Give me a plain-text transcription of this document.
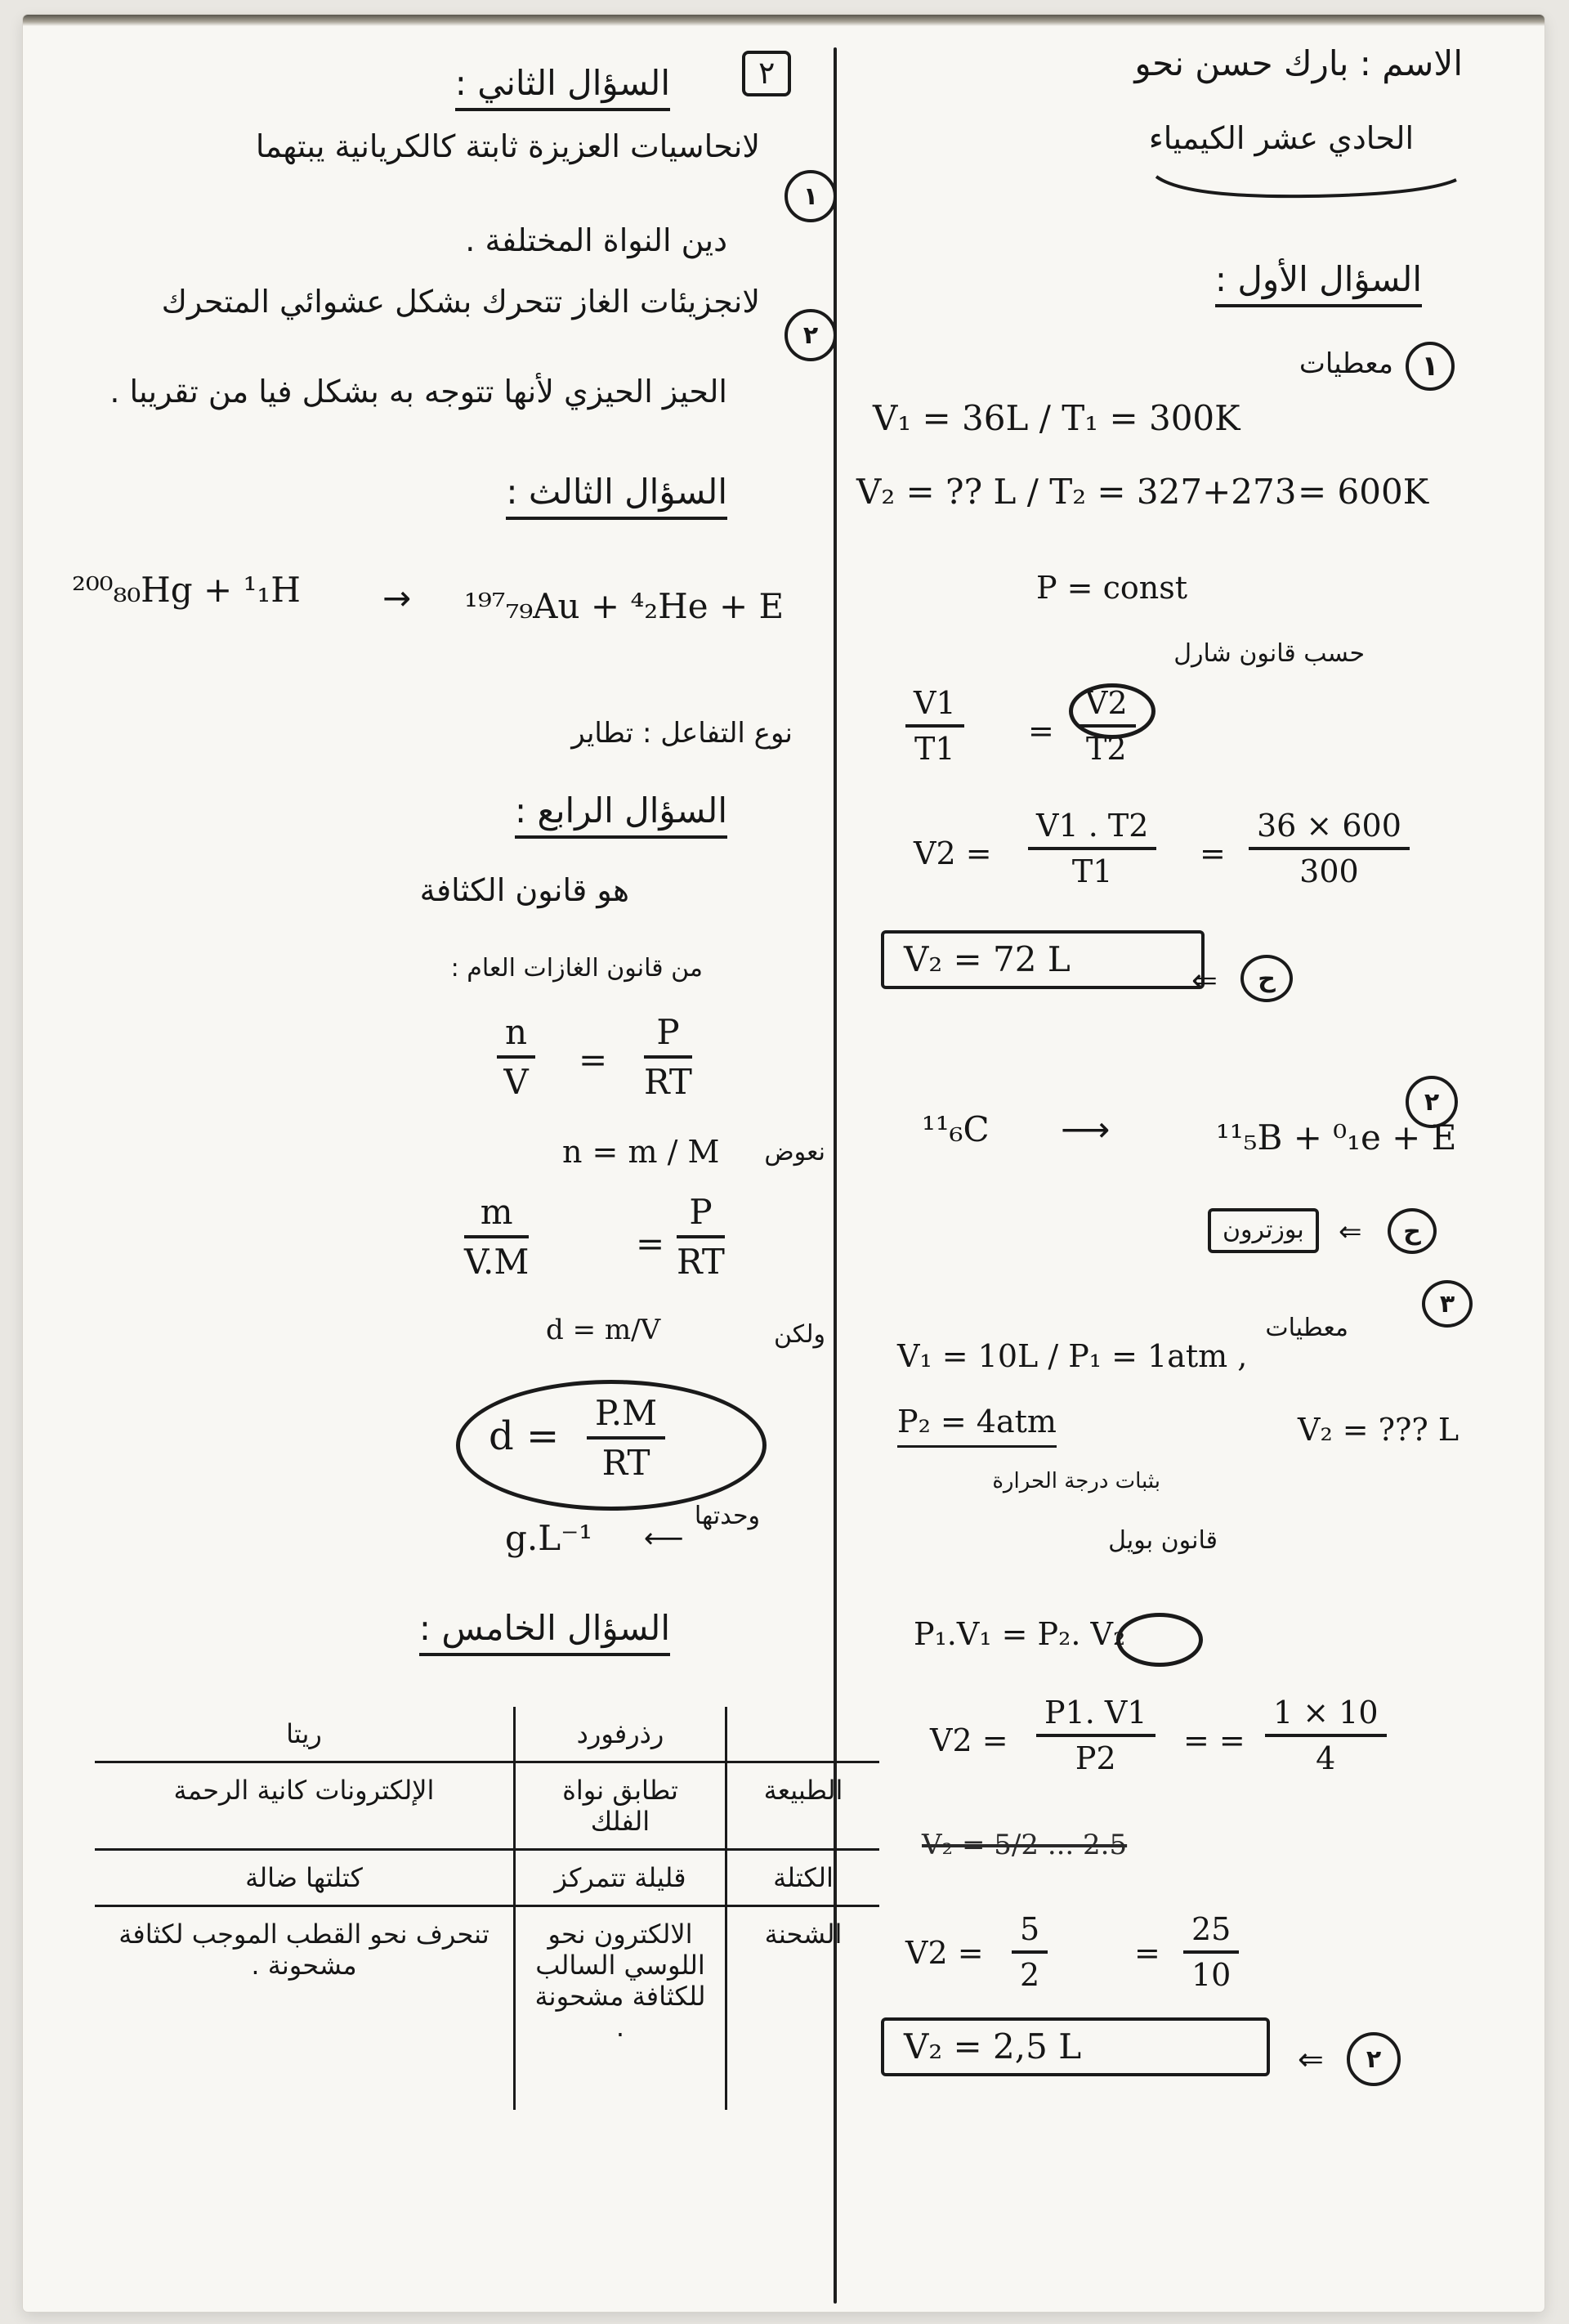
الاسم : بارك حسن نحو
الحادي عشر الكيمياء
السؤال الأول :
١
معطيات
V₁ = 36L / T₁ = 300K
V₂ = ?? L / T₂ = 327+273 = 600K
P = const
حسب قانون شارل
$\frac{V1}{T1} = \frac{V2}{T2}$
$V2 = \frac{V1 . T2}{T1} = \frac{36 \times 600}{300}$
V₂ = 72 L
⇐	ح
٢
¹¹₆C ⟶	¹¹₅B + ⁰₁e + E
بوزترون	⇐	ح
٣
معطيات
V₁ = 10L / P₁ = 1atm ,
P₂ = 4atm	V₂ = ??? L
بثبات درجة الحرارة
قانون بويل
P₁.V₁ = P₂. V₂
$V2 = \frac{P1. V1}{P2}$ = = $\frac{1 \times 10}{4}$
V₂ = 5/2 ... 2.5
$V2 = \frac{5}{2}$	= $\frac{25}{10}$
V₂ = 2,5 L	⇐	٢
٢
السؤال الثاني :
١
لانحاسيات العزيزة ثابتة كالكريانية يبتهما
دين النواة المختلفة .
٢
لانجزيئات الغاز تتحرك بشكل عشوائي المتحرك
الحيز الحيزي لأنها تتوجه به بشكل فيا من تقريبا .
السؤال الثالث :
²⁰⁰₈₀Hg + ¹₁H → ¹⁹⁷₇₉Au + ⁴₂He + E
نوع التفاعل : تطاير
السؤال الرابع :
هو قانون الكثافة
من قانون الغازات العام :
$\frac{n}{V} = \frac{P}{RT}$
n = m / M نعوض
$\frac{m}{V.M}$	= $\frac{P}{RT}$
d = m/V	ولكن
$d = \frac{P.M}{RT}$
g.L⁻¹ ⟵
وحدتها
السؤال الخامس :
	رذرفورد	ريتا
الطبيعة	تطابق نواة الفلك	الإلكترونات كانية الرحمة
الكتلة	قليلة تتمركز	كتلتها ضالة
الشحنة	الالكترون نحو اللوسي السالب للكثافة مشحونة .	تنحرف نحو القطب الموجب لكثافة مشحونة .
